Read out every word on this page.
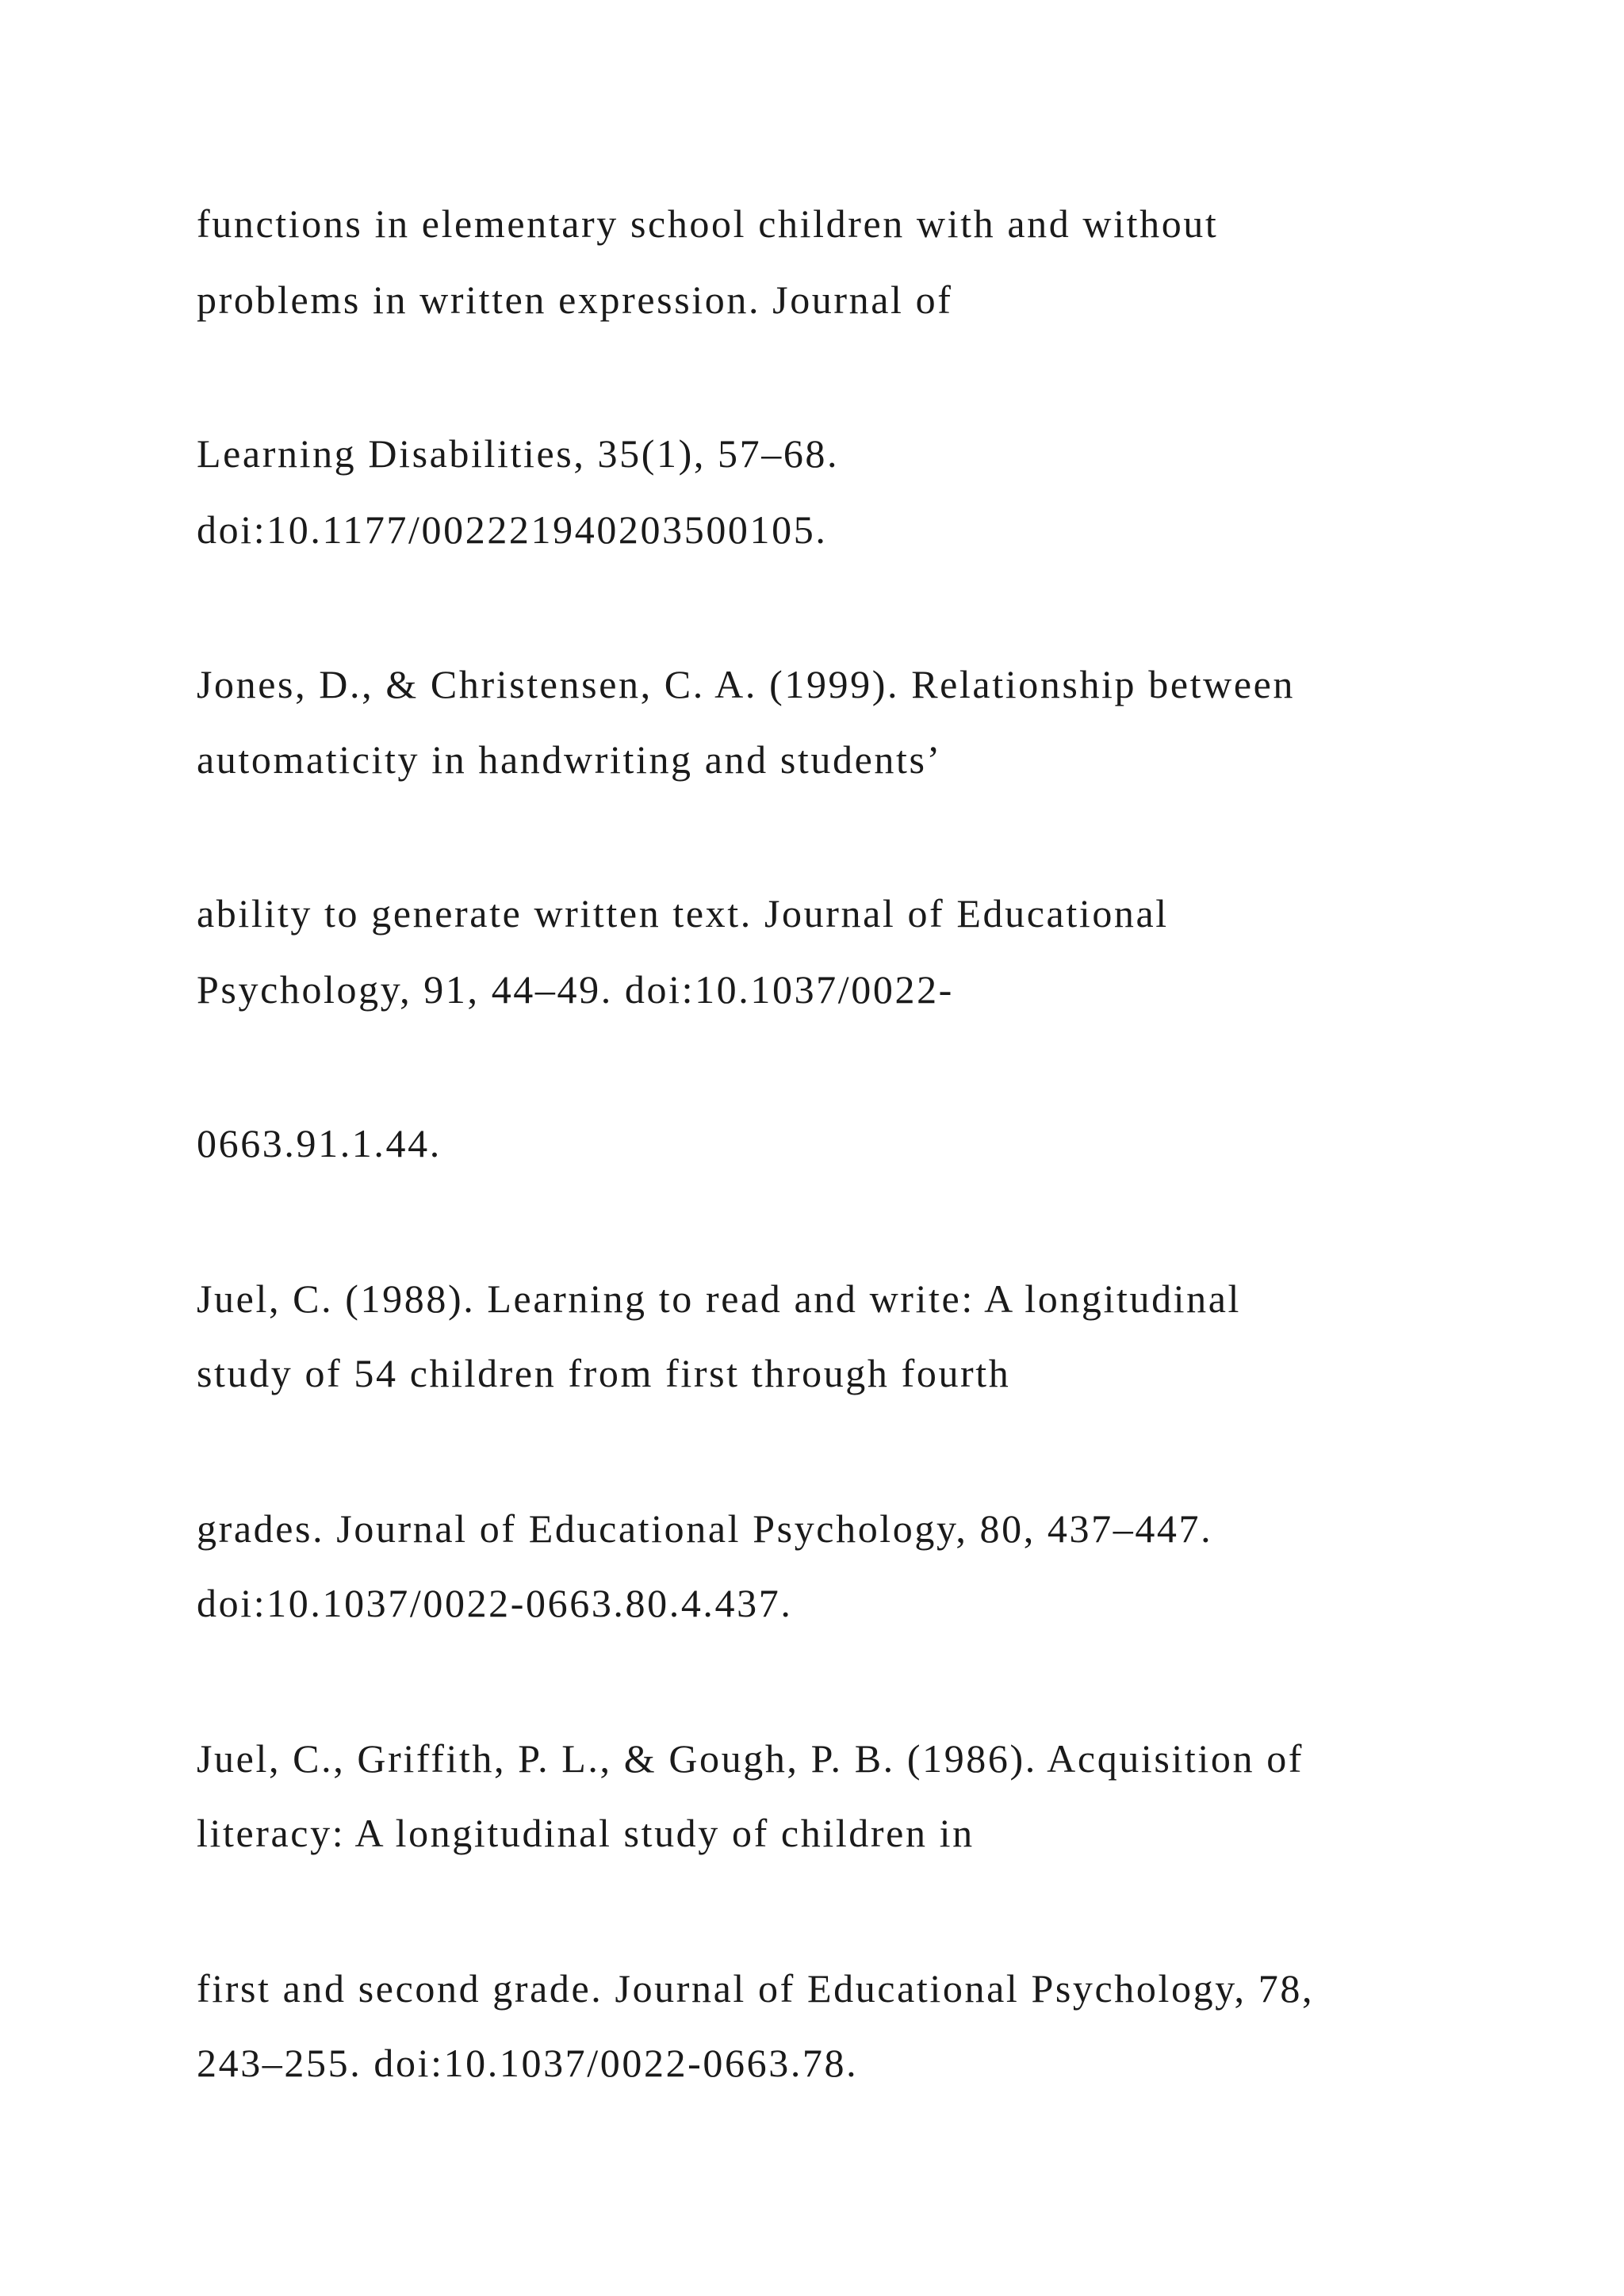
functions in elementary school children with and without

problems in written expression. Journal of

Learning Disabilities, 35(1), 57–68.

doi:10.1177/002221940203500105.

Jones, D., & Christensen, C. A. (1999). Relationship between

automaticity in handwriting and students’

ability to generate written text. Journal of Educational

Psychology, 91, 44–49. doi:10.1037/0022-

0663.91.1.44.

Juel, C. (1988). Learning to read and write: A longitudinal

study of 54 children from first through fourth

grades. Journal of Educational Psychology, 80, 437–447.

doi:10.1037/0022-0663.80.4.437.

Juel, C., Griffith, P. L., & Gough, P. B. (1986). Acquisition of

literacy: A longitudinal study of children in

first and second grade. Journal of Educational Psychology, 78,

243–255. doi:10.1037/0022-0663.78.
